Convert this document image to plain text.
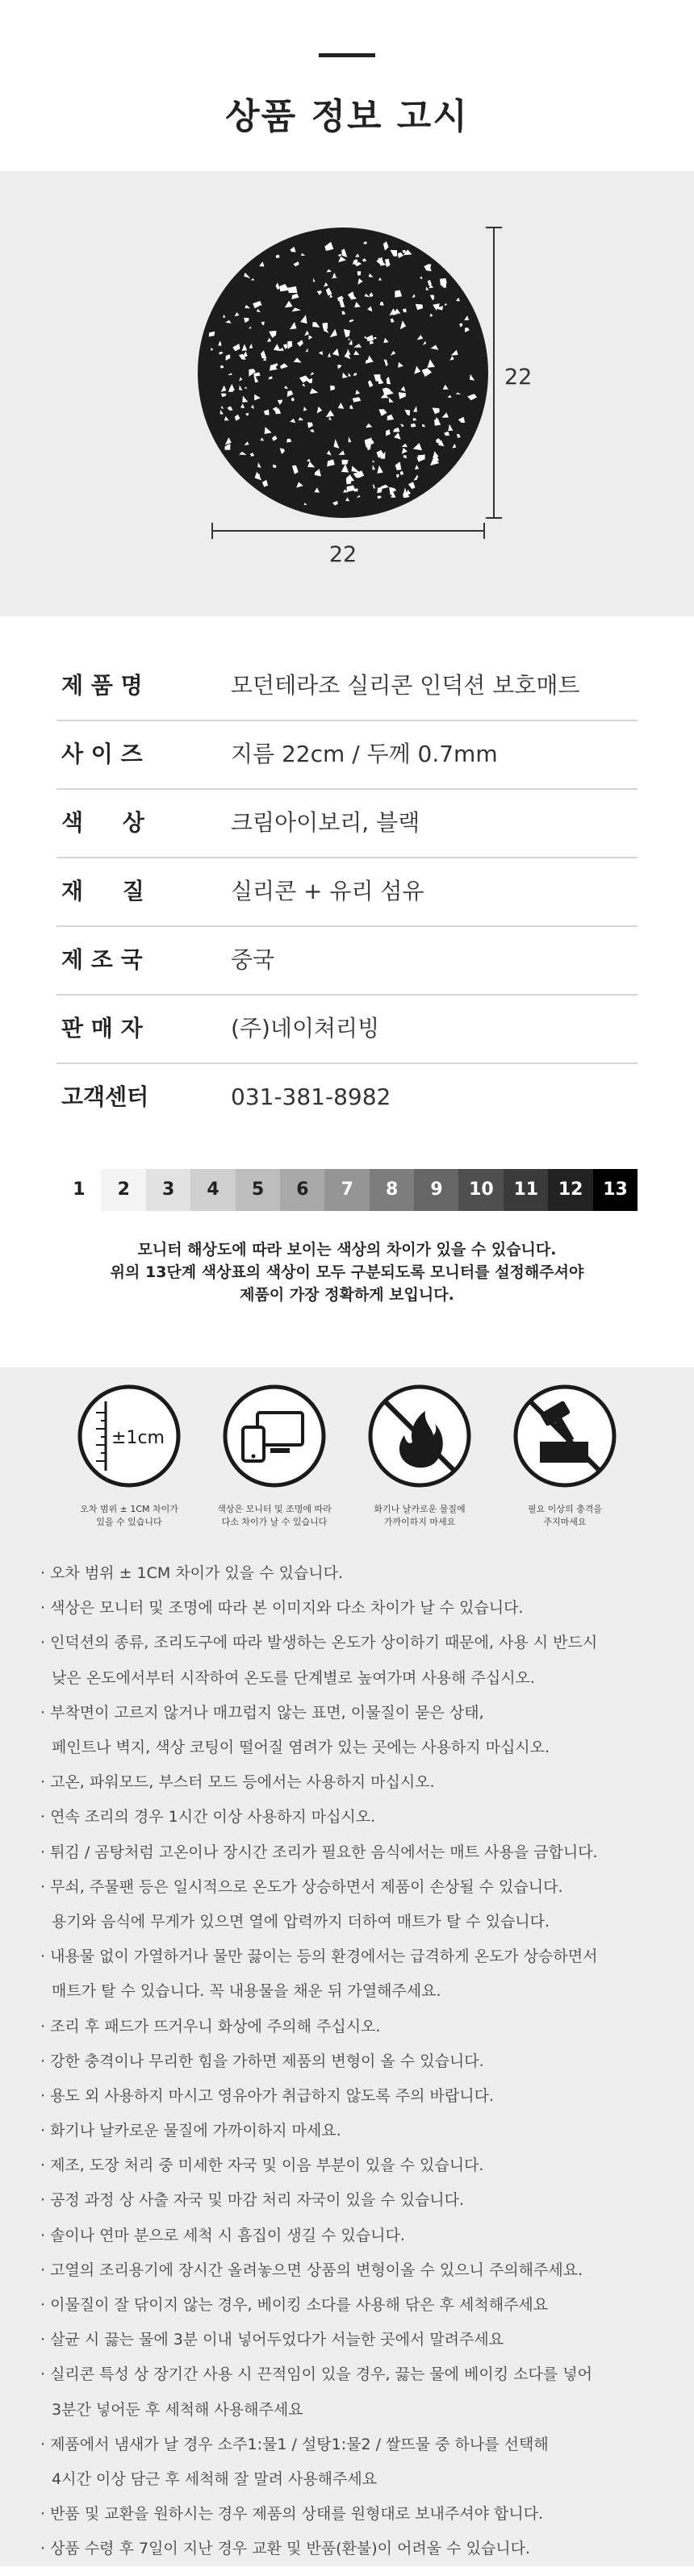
상품 정보 고시
22
22
제 품 명	모던테라조 실리콘 인덕션 보호매트
사 이 즈	지름 22cm / 두께 0.7mm
색     상	크림아이보리, 블랙
재     질	실리콘 + 유리 섬유
제 조 국	중국
판 매 자	(주)네이쳐리빙
고객센터	031-381-8982
1	2	3	4	5	6	7	8	9	10	11	12	13
모니터 해상도에 따라 보이는 색상의 차이가 있을 수 있습니다.
위의 13단계 색상표의 색상이 모두 구분되도록 모니터를 설정해주셔야
제품이 가장 정확하게 보입니다.
±1cm
오차 범위 ± 1CM 차이가
있을 수 있습니다
색상은 모니터 및 조명에 따라
다소 차이가 날 수 있습니다
화기나 날카로운 물질에
가까이하지 마세요
필요 이상의 충격을
주지마세요
· 오차 범위 ± 1CM 차이가 있을 수 있습니다.
· 색상은 모니터 및 조명에 따라 본 이미지와 다소 차이가 날 수 있습니다.
· 인덕션의 종류, 조리도구에 따라 발생하는 온도가 상이하기 때문에, 사용 시 반드시
낮은 온도에서부터 시작하여 온도를 단계별로 높여가며 사용해 주십시오.
· 부착면이 고르지 않거나 매끄럽지 않는 표면, 이물질이 묻은 상태,
페인트나 벽지, 색상 코팅이 떨어질 염려가 있는 곳에는 사용하지 마십시오.
· 고온, 파워모드, 부스터 모드 등에서는 사용하지 마십시오.
· 연속 조리의 경우 1시간 이상 사용하지 마십시오.
· 튀김 / 곰탕처럼 고온이나 장시간 조리가 필요한 음식에서는 매트 사용을 금합니다.
· 무쇠, 주물팬 등은 일시적으로 온도가 상승하면서 제품이 손상될 수 있습니다.
용기와 음식에 무게가 있으면 열에 압력까지 더하여 매트가 탈 수 있습니다.
· 내용물 없이 가열하거나 물만 끓이는 등의 환경에서는 급격하게 온도가 상승하면서
매트가 탈 수 있습니다. 꼭 내용물을 채운 뒤 가열해주세요.
· 조리 후 패드가 뜨거우니 화상에 주의해 주십시오.
· 강한 충격이나 무리한 힘을 가하면 제품의 변형이 올 수 있습니다.
· 용도 외 사용하지 마시고 영유아가 취급하지 않도록 주의 바랍니다.
· 화기나 날카로운 물질에 가까이하지 마세요.
· 제조, 도장 처리 중 미세한 자국 및 이음 부분이 있을 수 있습니다.
· 공정 과정 상 사출 자국 및 마감 처리 자국이 있을 수 있습니다.
· 솔이나 연마 분으로 세척 시 흠집이 생길 수 있습니다.
· 고열의 조리용기에 장시간 올려놓으면 상품의 변형이올 수 있으니 주의해주세요.
· 이물질이 잘 닦이지 않는 경우, 베이킹 소다를 사용해 닦은 후 세척해주세요
· 살균 시 끓는 물에 3분 이내 넣어두었다가 서늘한 곳에서 말려주세요
· 실리콘 특성 상 장기간 사용 시 끈적임이 있을 경우, 끓는 물에 베이킹 소다를 넣어
3분간 넣어둔 후 세척해 사용해주세요
· 제품에서 냄새가 날 경우 소주1:물1 / 설탕1:물2 / 쌀뜨물 중 하나를 선택해
4시간 이상 담근 후 세척해 잘 말려 사용해주세요
· 반품 및 교환을 원하시는 경우 제품의 상태를 원형대로 보내주셔야 합니다.
· 상품 수령 후 7일이 지난 경우 교환 및 반품(환불)이 어려울 수 있습니다.
